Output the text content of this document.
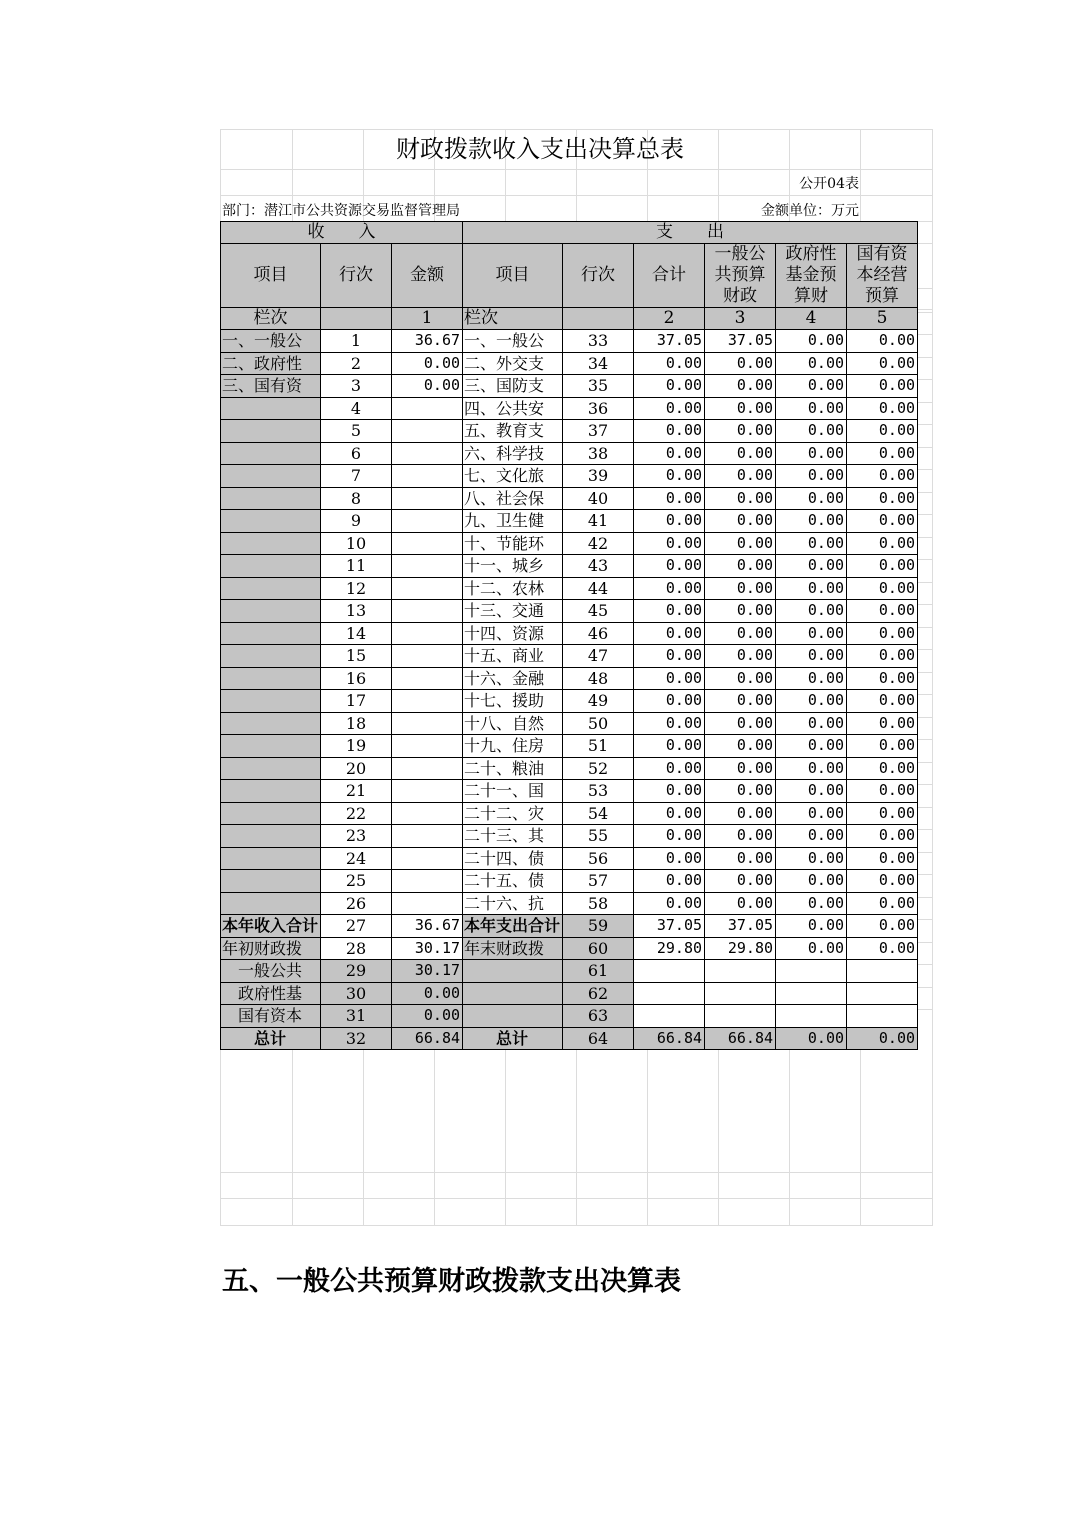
财政拨款收入支出决算总表
公开04表
部门：潜江市公共资源交易监督管理局	金额单位：万元
收　　入			支　　出					
项目	行次	金额	项目	行次	合计	一般公共预算财政	政府性基金预算财	国有资本经营预算
栏次		1	栏次		2	3	4	5
一、一般公	1	36.67	一、一般公	33	37.05	37.05	0.00	0.00
二、政府性	2	0.00	二、外交支	34	0.00	0.00	0.00	0.00
三、国有资	3	0.00	三、国防支	35	0.00	0.00	0.00	0.00
	4		四、公共安	36	0.00	0.00	0.00	0.00
	5		五、教育支	37	0.00	0.00	0.00	0.00
	6		六、科学技	38	0.00	0.00	0.00	0.00
	7		七、文化旅	39	0.00	0.00	0.00	0.00
	8		八、社会保	40	0.00	0.00	0.00	0.00
	9		九、卫生健	41	0.00	0.00	0.00	0.00
	10		十、节能环	42	0.00	0.00	0.00	0.00
	11		十一、城乡	43	0.00	0.00	0.00	0.00
	12		十二、农林	44	0.00	0.00	0.00	0.00
	13		十三、交通	45	0.00	0.00	0.00	0.00
	14		十四、资源	46	0.00	0.00	0.00	0.00
	15		十五、商业	47	0.00	0.00	0.00	0.00
	16		十六、金融	48	0.00	0.00	0.00	0.00
	17		十七、援助	49	0.00	0.00	0.00	0.00
	18		十八、自然	50	0.00	0.00	0.00	0.00
	19		十九、住房	51	0.00	0.00	0.00	0.00
	20		二十、粮油	52	0.00	0.00	0.00	0.00
	21		二十一、国	53	0.00	0.00	0.00	0.00
	22		二十二、灾	54	0.00	0.00	0.00	0.00
	23		二十三、其	55	0.00	0.00	0.00	0.00
	24		二十四、债	56	0.00	0.00	0.00	0.00
	25		二十五、债	57	0.00	0.00	0.00	0.00
	26		二十六、抗	58	0.00	0.00	0.00	0.00
本年收入合计	27	36.67	本年支出合计	59	37.05	37.05	0.00	0.00
年初财政拨	28	30.17	年末财政拨	60	29.80	29.80	0.00	0.00
一般公共	29	30.17		61				
政府性基	30	0.00		62				
国有资本	31	0.00		63				
总计	32	66.84	总计	64	66.84	66.84	0.00	0.00
五、一般公共预算财政拨款支出决算表
